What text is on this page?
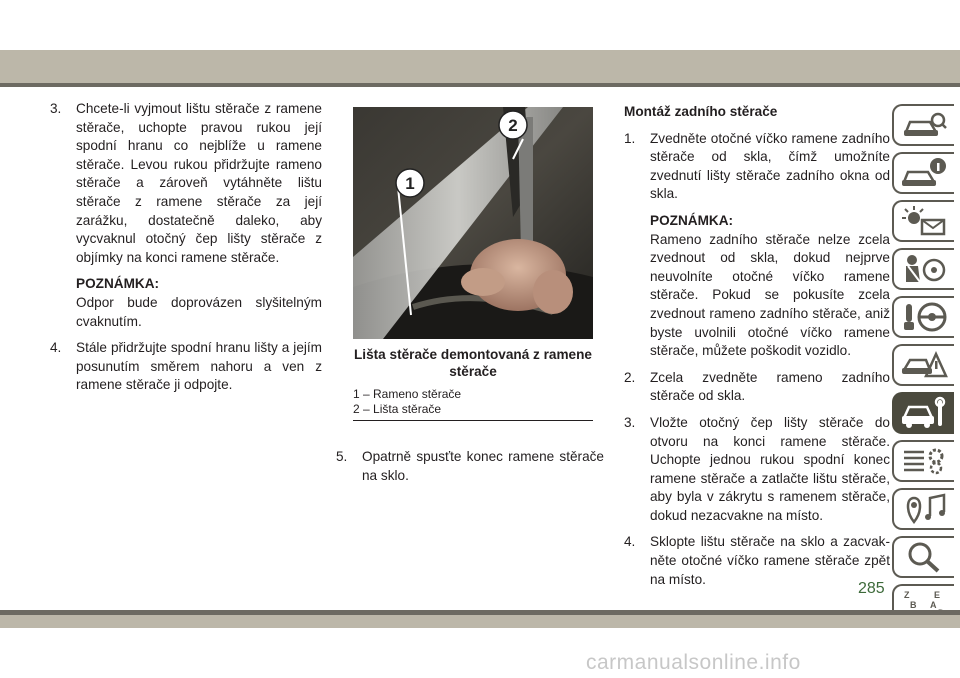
3. Chcete-li vyjmout lištu stěrače z ramene stěrače, uchopte pravou rukou její spodní hranu co nejblíže u ramene stěrače. Levou rukou přidržujte rameno stěrače a zároveň vytáhněte lištu stěrače z ramene stěrače za její zarážku, dostatečně daleko, aby vycvaknul otočný čep lišty stěrače z objímky na konci ramene stěrače.

POZNÁMKA:
Odpor bude doprovázen slyšitelným cvaknutím.

4. Stále přidržujte spodní hranu lišty a jejím posunutím směrem nahoru a ven z ramene stěrače ji odpojte.

1
2
Lišta stěrače demontovaná z ramene stěrače
1 – Rameno stěrače
2 – Lišta stěrače

5. Opatrně spusťte konec ramene stěrače na sklo.

Montáž zadního stěrače

1. Zvedněte otočné víčko ramene zadního stěrače od skla, čímž umožníte zvednutí lišty stěrače zadního okna od skla.

POZNÁMKA:
Rameno zadního stěrače nelze zcela zvednout od skla, dokud nejprve neuvolníte otočné víčko ramene stěrače. Pokud se pokusíte zcela zvednout rameno zadního stěrače, aniž byste uvolnili otočné víčko ramene stěrače, můžete poškodit vozidlo.

2. Zcela zvedněte rameno zadního stěrače od skla.

3. Vložte otočný čep lišty stěrače do otvoru na konci ramene stěrače. Uchopte jednou rukou spodní konec ramene stěrače a zatlačte lištu stěrače, aby byla v zákrytu s ramenem stěrače, dokud nezacvakne na místo.

4. Sklopte lištu stěrače na sklo a zacvakněte otočné víčko ramene stěrače zpět na místo.

Z	E
B A
285
carmanualsonline.info
